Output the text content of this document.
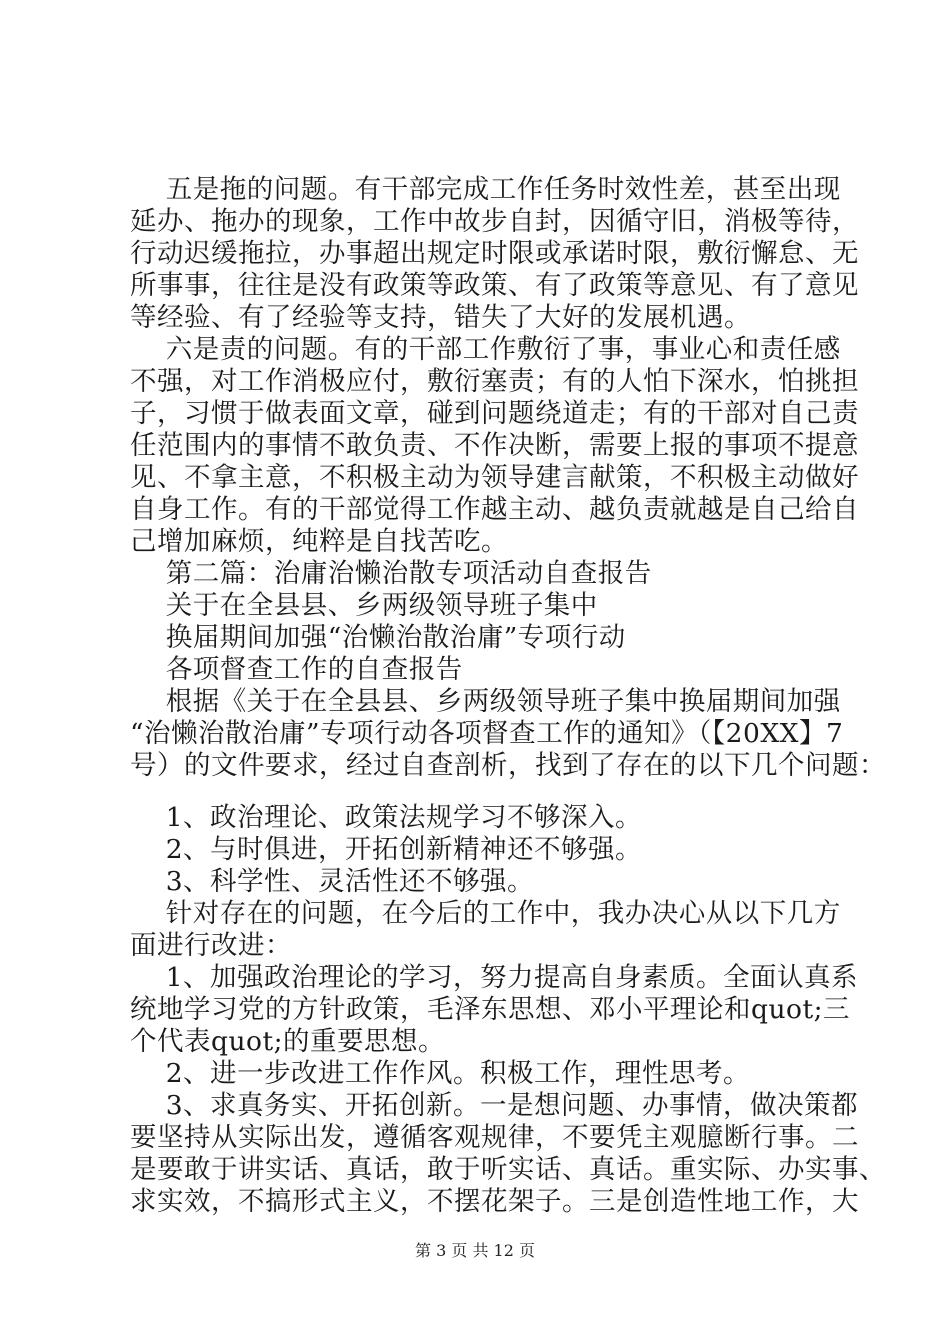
五是拖的问题。有干部完成工作任务时效性差，甚至出现
延办、拖办的现象，工作中故步自封，因循守旧，消极等待，
行动迟缓拖拉，办事超出规定时限或承诺时限，敷衍懈怠、无
所事事，往往是没有政策等政策、有了政策等意见、有了意见
等经验、有了经验等支持，错失了大好的发展机遇。
六是责的问题。有的干部工作敷衍了事，事业心和责任感
不强，对工作消极应付，敷衍塞责；有的人怕下深水，怕挑担
子，习惯于做表面文章，碰到问题绕道走；有的干部对自己责
任范围内的事情不敢负责、不作决断，需要上报的事项不提意
见、不拿主意，不积极主动为领导建言献策，不积极主动做好
自身工作。有的干部觉得工作越主动、越负责就越是自己给自
己增加麻烦，纯粹是自找苦吃。
第二篇：治庸治懒治散专项活动自查报告
关于在全县县、乡两级领导班子集中
换届期间加强“治懒治散治庸”专项行动
各项督查工作的自查报告
根据《关于在全县县、乡两级领导班子集中换届期间加强
“治懒治散治庸”专项行动各项督查工作的通知》（【20XX】7
号）的文件要求，经过自查剖析，找到了存在的以下几个问题：
1、政治理论、政策法规学习不够深入。
2、与时俱进，开拓创新精神还不够强。
3、科学性、灵活性还不够强。
针对存在的问题，在今后的工作中，我办决心从以下几方
面进行改进：
1、加强政治理论的学习，努力提高自身素质。全面认真系
统地学习党的方针政策，毛泽东思想、邓小平理论和quot;三
个代表quot;的重要思想。
2、进一步改进工作作风。积极工作，理性思考。
3、求真务实、开拓创新。一是想问题、办事情，做决策都
要坚持从实际出发，遵循客观规律，不要凭主观臆断行事。二
是要敢于讲实话、真话，敢于听实话、真话。重实际、办实事、
求实效，不搞形式主义，不摆花架子。三是创造性地工作，大
第 3 页 共 12 页
